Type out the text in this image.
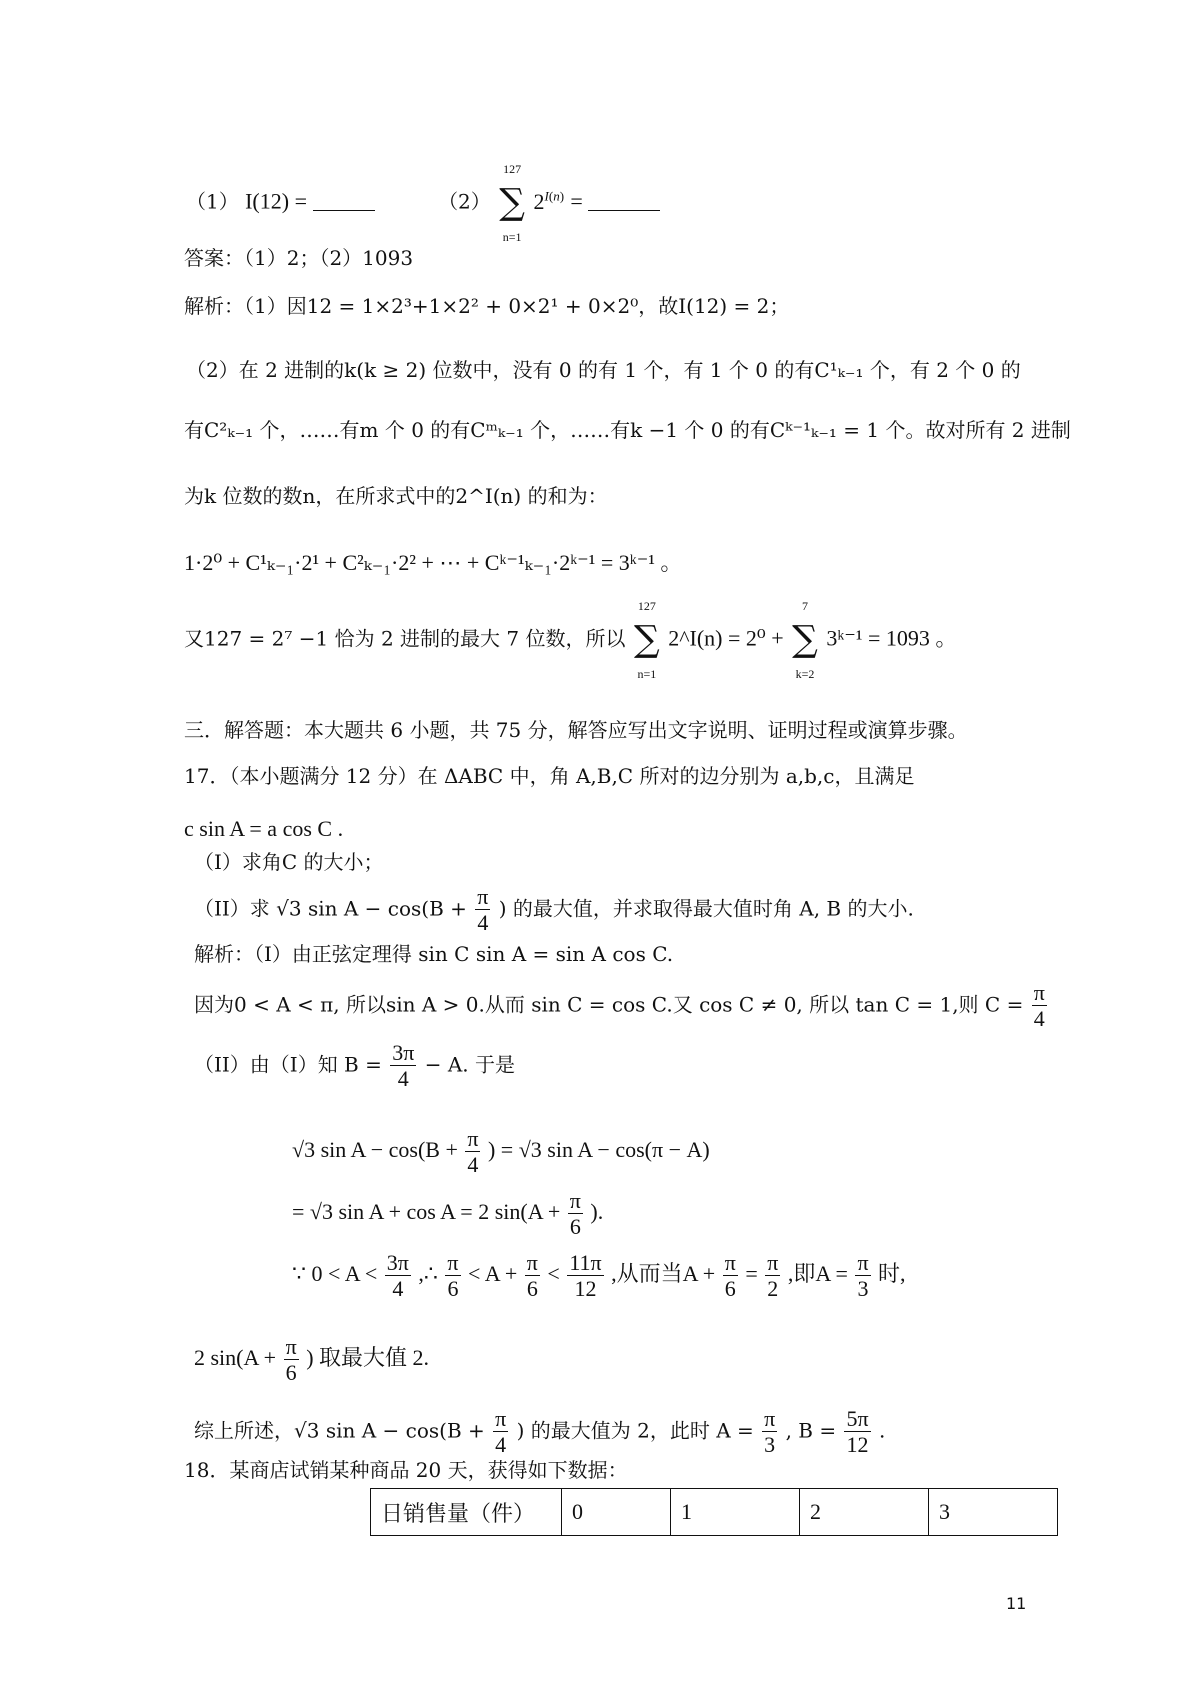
（1） I(12) =	（2）
127
∑
n=1
$2^{I(n)}$ =
答案：（1）2；（2）1093
解析：（1）因12 = 1×2³+1×2² + 0×2¹ + 0×2⁰，故I(12) = 2；
（2）在 2 进制的k(k ≥ 2) 位数中，没有 0 的有 1 个，有 1 个 0 的有C¹ₖ₋₁ 个，有 2 个 0 的
有C²ₖ₋₁ 个，……有m 个 0 的有Cᵐₖ₋₁ 个，……有k −1 个 0 的有Cᵏ⁻¹ₖ₋₁ = 1 个。故对所有 2 进制
为k 位数的数n，在所求式中的2^I(n) 的和为：
1·2⁰ + C¹ₖ₋₁·2¹ + C²ₖ₋₁·2² + ⋯ + Cᵏ⁻¹ₖ₋₁·2ᵏ⁻¹ = 3ᵏ⁻¹ 。
又127 = 2⁷ −1 恰为 2 进制的最大 7 位数，所以
127
∑
n=1
2^I(n) = 2⁰ +
7
∑
k=2
3ᵏ⁻¹ = 1093 。
三．解答题：本大题共 6 小题，共 75 分，解答应写出文字说明、证明过程或演算步骤。
17．（本小题满分 12 分）在 ΔABC 中，角 A,B,C 所对的边分别为 a,b,c，且满足
c sin A = a cos C .
（I）求角C 的大小；
（II）求 √3 $\sin A - \cos(B + \frac{\pi}{4}$ ) 的最大值，并求取得最大值时角 A, B 的大小.
解析：（I）由正弦定理得 sin C sin A = sin A cos C.
因为0 < A < π, 所以sin A > 0.从而 sin C = cos C.又 cos C ≠ 0, 所以 tan C = 1,则 $C = \frac{\pi}{4}$
（II）由（I）知 $B = \frac{3\pi}{4} - A$. 于是
√3 $\sin A - \cos(B + \frac{\pi}{4}$ ) = √3 sin A − cos(π − A)
= √3 sin A + cos A = 2 $\sin(A + \frac{\pi}{6}$ ).
∵ $0 < A < \frac{3\pi}{4}$ ,∴ $\frac{\pi}{6} < A + \frac{\pi}{6} < \frac{11\pi}{12}$ ,从而当$A + \frac{\pi}{6} = \frac{\pi}{2}$ ,即$A = \frac{\pi}{3}$ 时,
2 $\sin(A + \frac{\pi}{6}$ ) 取最大值 2.
综上所述，√3 $\sin A - \cos(B + \frac{\pi}{4}$ ) 的最大值为 2，此时 $A = \frac{\pi}{3}$ , $B = \frac{5\pi}{12}$ .
18．某商店试销某种商品 20 天，获得如下数据：
日销售量（件）	0	1	2	3
11
